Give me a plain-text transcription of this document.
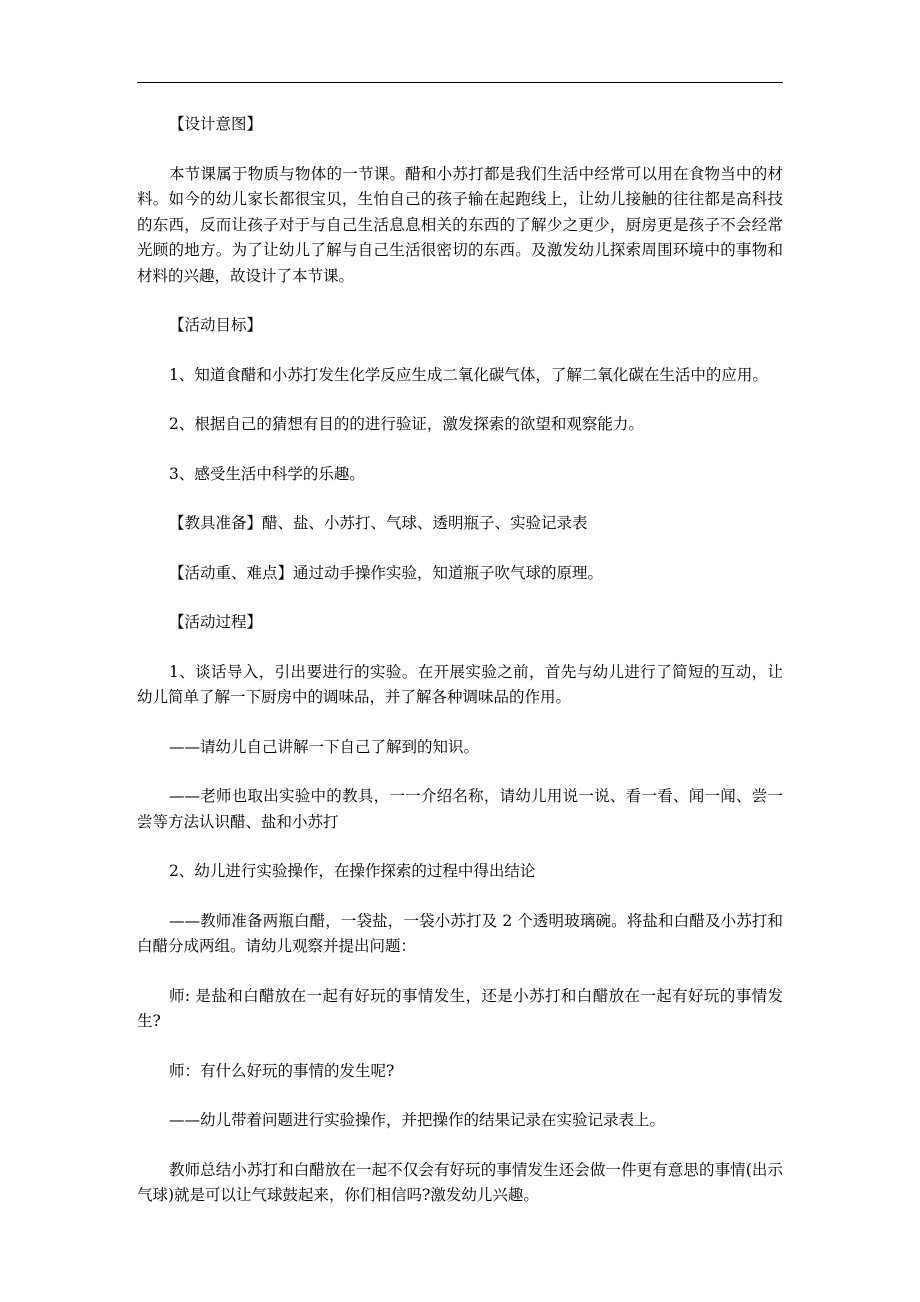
【设计意图】

本节课属于物质与物体的一节课。醋和小苏打都是我们生活中经常可以用在食物当中的材料。如今的幼儿家长都很宝贝，生怕自己的孩子输在起跑线上，让幼儿接触的往往都是高科技的东西，反而让孩子对于与自己生活息息相关的东西的了解少之更少，厨房更是孩子不会经常光顾的地方。为了让幼儿了解与自己生活很密切的东西。及激发幼儿探索周围环境中的事物和材料的兴趣，故设计了本节课。

【活动目标】

1、知道食醋和小苏打发生化学反应生成二氧化碳气体，了解二氧化碳在生活中的应用。

2、根据自己的猜想有目的的进行验证，激发探索的欲望和观察能力。

3、感受生活中科学的乐趣。

【教具准备】醋、盐、小苏打、气球、透明瓶子、实验记录表

【活动重、难点】通过动手操作实验，知道瓶子吹气球的原理。

【活动过程】

1、谈话导入，引出要进行的实验。在开展实验之前，首先与幼儿进行了简短的互动，让幼儿简单了解一下厨房中的调味品，并了解各种调味品的作用。

——请幼儿自己讲解一下自己了解到的知识。

——老师也取出实验中的教具，一一介绍名称，请幼儿用说一说、看一看、闻一闻、尝一尝等方法认识醋、盐和小苏打

2、幼儿进行实验操作，在操作探索的过程中得出结论

——教师准备两瓶白醋，一袋盐，一袋小苏打及 2 个透明玻璃碗。将盐和白醋及小苏打和白醋分成两组。请幼儿观察并提出问题：

师: 是盐和白醋放在一起有好玩的事情发生，还是小苏打和白醋放在一起有好玩的事情发生?

师：有什么好玩的事情的发生呢?

——幼儿带着问题进行实验操作，并把操作的结果记录在实验记录表上。

教师总结小苏打和白醋放在一起不仅会有好玩的事情发生还会做一件更有意思的事情(出示气球)就是可以让气球鼓起来，你们相信吗?激发幼儿兴趣。
